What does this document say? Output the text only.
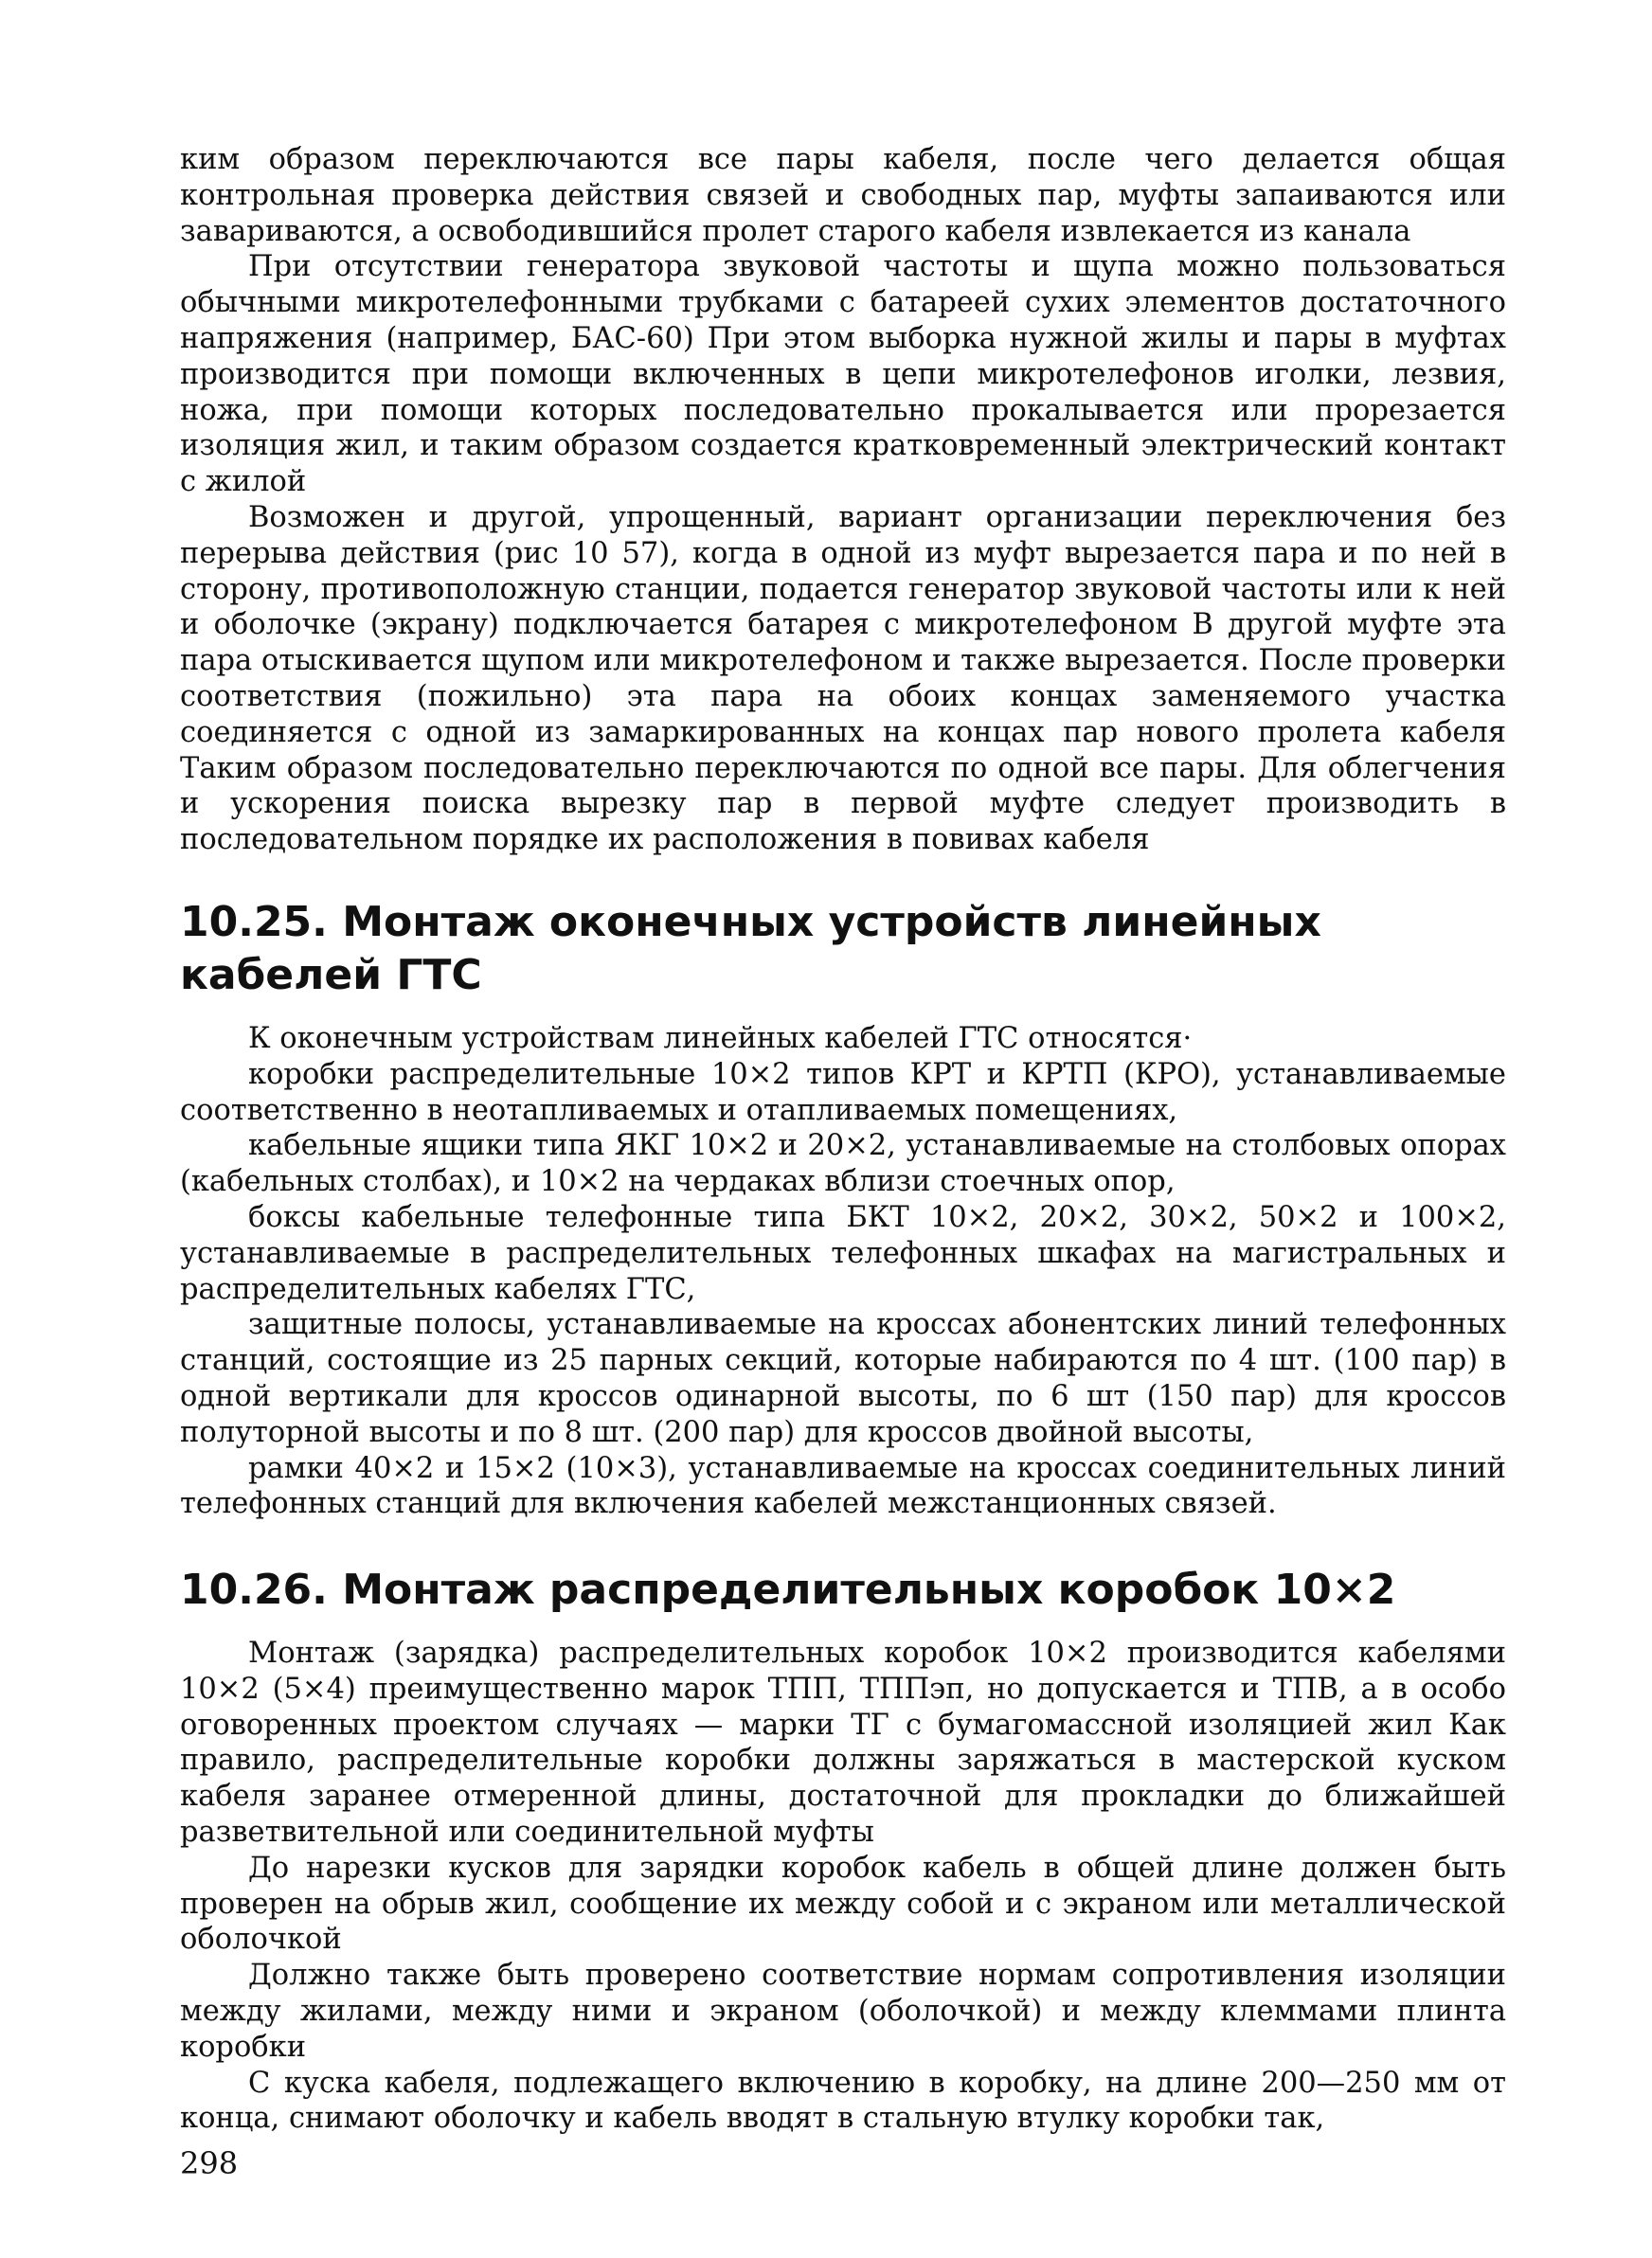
ким образом переключаются все пары кабеля, после чего делается общая контрольная проверка действия связей и свободных пар, муфты запаиваются или завариваются, а освободившийся пролет старого кабеля извлекается из канала

При отсутствии генератора звуковой частоты и щупа можно пользоваться обычными микротелефонными трубками с батареей сухих элементов достаточного напряжения (например, БАС-60) При этом выборка нужной жилы и пары в муфтах производится при помощи включенных в цепи микротелефонов иголки, лезвия, ножа, при помощи которых последовательно прокалывается или прорезается изоляция жил, и таким образом создается кратковременный электрический контакт с жилой

Возможен и другой, упрощенный, вариант организации переключения без перерыва действия (рис 10 57), когда в одной из муфт вырезается пара и по ней в сторону, противоположную станции, подается генератор звуковой частоты или к ней и оболочке (экрану) подключается батарея с микротелефоном В другой муфте эта пара отыскивается щупом или микротелефоном и также вырезается. После проверки соответствия (пожильно) эта пара на обоих концах заменяемого участка соединяется с одной из замаркированных на концах пар нового пролета кабеля Таким образом последовательно переключаются по одной все пары. Для облегчения и ускорения поиска вырезку пар в первой муфте следует производить в последовательном порядке их расположения в повивах кабеля

10.25. Монтаж оконечных устройств линейных кабелей ГТС

К оконечным устройствам линейных кабелей ГТС относятся·

коробки распределительные 10×2 типов КРТ и КРТП (КРО), устанавливаемые соответственно в неотапливаемых и отапливаемых помещениях,

кабельные ящики типа ЯКГ 10×2 и 20×2, устанавливаемые на столбовых опорах (кабельных столбах), и 10×2 на чердаках вблизи стоечных опор,

боксы кабельные телефонные типа БКТ 10×2, 20×2, 30×2, 50×2 и 100×2, устанавливаемые в распределительных телефонных шкафах на магистральных и распределительных кабелях ГТС,

защитные полосы, устанавливаемые на кроссах абонентских линий телефонных станций, состоящие из 25 парных секций, которые набираются по 4 шт. (100 пар) в одной вертикали для кроссов одинарной высоты, по 6 шт (150 пар) для кроссов полуторной высоты и по 8 шт. (200 пар) для кроссов двойной высоты,

рамки 40×2 и 15×2 (10×3), устанавливаемые на кроссах соединительных линий телефонных станций для включения кабелей межстанционных связей.

10.26. Монтаж распределительных коробок 10×2

Монтаж (зарядка) распределительных коробок 10×2 производится кабелями 10×2 (5×4) преимущественно марок ТПП, ТППэп, но допускается и ТПВ, а в особо оговоренных проектом случаях — марки ТГ с бумагомассной изоляцией жил Как правило, распределительные коробки должны заряжаться в мастерской куском кабеля заранее отмеренной длины, достаточной для прокладки до ближайшей разветвительной или соединительной муфты

До нарезки кусков для зарядки коробок кабель в общей длине должен быть проверен на обрыв жил, сообщение их между собой и с экраном или металлической оболочкой

Должно также быть проверено соответствие нормам сопротивления изоляции между жилами, между ними и экраном (оболочкой) и между клеммами плинта коробки

С куска кабеля, подлежащего включению в коробку, на длине 200—250 мм от конца, снимают оболочку и кабель вводят в стальную втулку коробки так,

298
